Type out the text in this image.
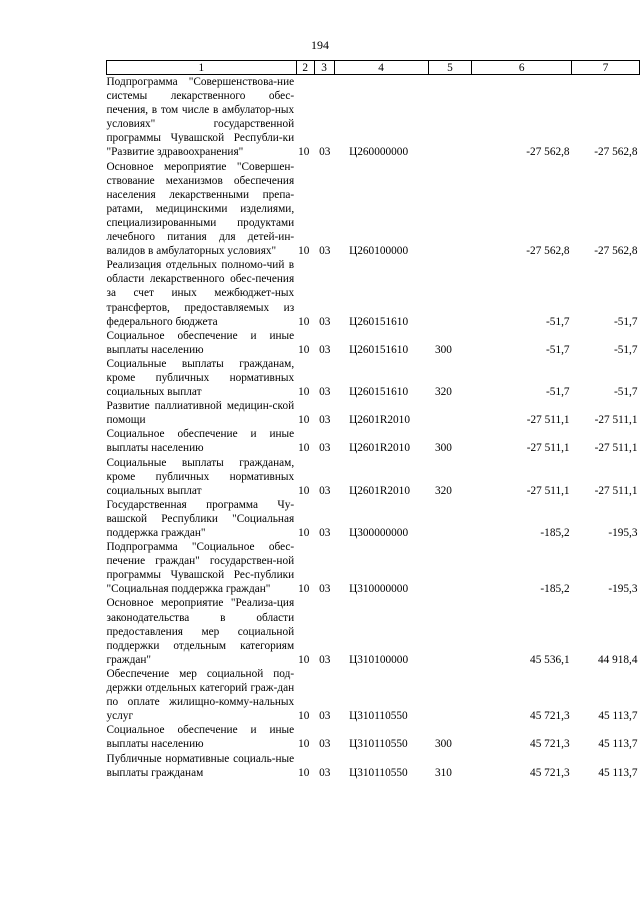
194
1	2	3	4	5	6	7
Подпрограмма "Совершенствова-ние системы лекарственного обес-печения, в том числе в амбулатор-ных условиях" государственной программы Чувашской Республи-ки "Развитие здравоохранения"	10	03	Ц260000000		-27 562,8	-27 562,8
Основное мероприятие "Совершен-ствование механизмов обеспечения населения лекарственными препа-ратами, медицинскими изделиями, специализированными продуктами лечебного питания для детей-ин-валидов в амбулаторных условиях"	10	03	Ц260100000		-27 562,8	-27 562,8
Реализация отдельных полномо-чий в области лекарственного обес-печения за счет иных межбюджет-ных трансфертов, предоставляемых из федерального бюджета	10	03	Ц260151610		-51,7	-51,7
Социальное обеспечение и иные выплаты населению	10	03	Ц260151610	300	-51,7	-51,7
Социальные выплаты гражданам, кроме публичных нормативных социальных выплат	10	03	Ц260151610	320	-51,7	-51,7
Развитие паллиативной медицин-ской помощи	10	03	Ц2601R2010		-27 511,1	-27 511,1
Социальное обеспечение и иные выплаты населению	10	03	Ц2601R2010	300	-27 511,1	-27 511,1
Социальные выплаты гражданам, кроме публичных нормативных социальных выплат	10	03	Ц2601R2010	320	-27 511,1	-27 511,1
Государственная программа Чу-вашской Республики "Социальная поддержка граждан"	10	03	Ц300000000		-185,2	-195,3
Подпрограмма "Социальное обес-печение граждан" государствен-ной программы Чувашской Рес-публики "Социальная поддержка граждан"	10	03	Ц310000000		-185,2	-195,3
Основное мероприятие "Реализа-ция законодательства в области предоставления мер социальной поддержки отдельным категориям граждан"	10	03	Ц310100000		45 536,1	44 918,4
Обеспечение мер социальной под-держки отдельных категорий граж-дан по оплате жилищно-комму-нальных услуг	10	03	Ц310110550		45 721,3	45 113,7
Социальное обеспечение и иные выплаты населению	10	03	Ц310110550	300	45 721,3	45 113,7
Публичные нормативные социаль-ные выплаты гражданам	10	03	Ц310110550	310	45 721,3	45 113,7
